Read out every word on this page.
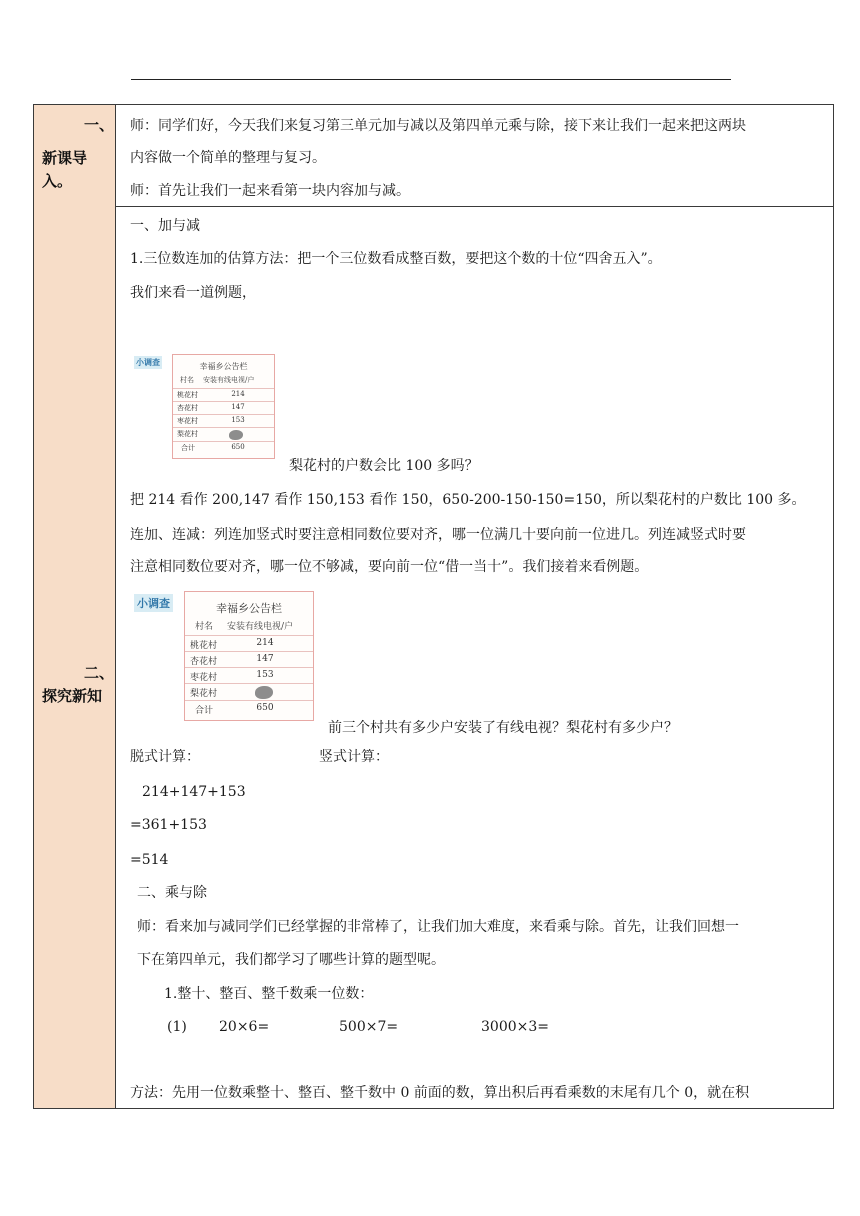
一、
新课导
入。
师：同学们好，今天我们来复习第三单元加与减以及第四单元乘与除，接下来让我们一起来把这两块
内容做一个简单的整理与复习。
师：首先让我们一起来看第一块内容加与减。
二、
探究新知
一、加与减
1.三位数连加的估算方法：把一个三位数看成整百数，要把这个数的十位“四舍五入”。
我们来看一道例题，
小调查	幸福乡公告栏
村名 安装有线电视/户
桃花村	214
杏花村	147
枣花村	153
梨花村
合计	650
梨花村的户数会比 100 多吗？
把 214 看作 200,147 看作 150,153 看作 150，650-200-150-150=150，所以梨花村的户数比 100 多。
连加、连减：列连加竖式时要注意相同数位要对齐，哪一位满几十要向前一位进几。列连减竖式时要
注意相同数位要对齐，哪一位不够减，要向前一位“借一当十”。我们接着来看例题。
小调查	幸福乡公告栏
村名 安装有线电视/户
桃花村	214
杏花村	147
枣花村	153
梨花村
合计	650
前三个村共有多少户安装了有线电视？梨花村有多少户？
脱式计算：	竖式计算：
214+147+153
=361+153
=514
二、乘与除
师：看来加与减同学们已经掌握的非常棒了，让我们加大难度，来看乘与除。首先，让我们回想一
下在第四单元，我们都学习了哪些计算的题型呢。
1.整十、整百、整千数乘一位数：
(1) 20×6=	500×7=	3000×3=
方法：先用一位数乘整十、整百、整千数中 0 前面的数，算出积后再看乘数的末尾有几个 0，就在积
